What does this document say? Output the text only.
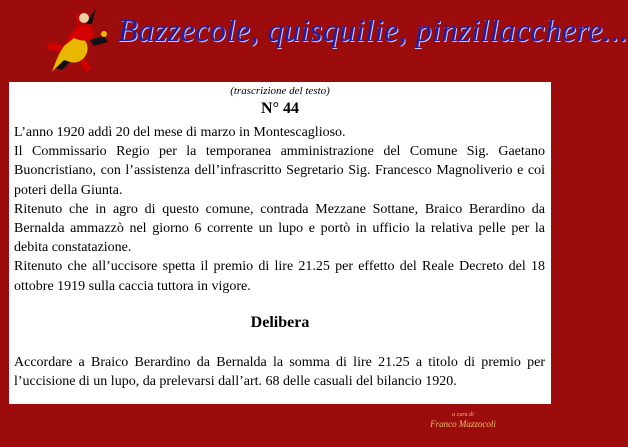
Bazzecole, quisquilie, pinzillacchere...
(trascrizione del testo)
N° 44

L’anno 1920 addì 20 del mese di marzo in Montescaglioso.

Il Commissario Regio per la temporanea amministrazione del Comune Sig. Gaetano Buoncristiano, con l’assistenza dell’infrascritto Segretario Sig. Francesco Magnoliverio e coi poteri della Giunta.

Ritenuto che in agro di questo comune, contrada Mezzane Sottane, Braico Berardino da Bernalda ammazzò nel giorno 6 corrente un lupo e portò in ufficio la relativa pelle per la debita constatazione.

Ritenuto che all’uccisore spetta il premio di lire 21.25 per effetto del Reale Decreto del 18 ottobre 1919 sulla caccia tuttora in vigore.

Delibera
Accordare a Braico Berardino da Bernalda la somma di lire 21.25 a titolo di premio per l’uccisione di un lupo, da prelevarsi dall’art. 68 delle casuali del bilancio 1920.
a cura di
Franco Mazzocoli
